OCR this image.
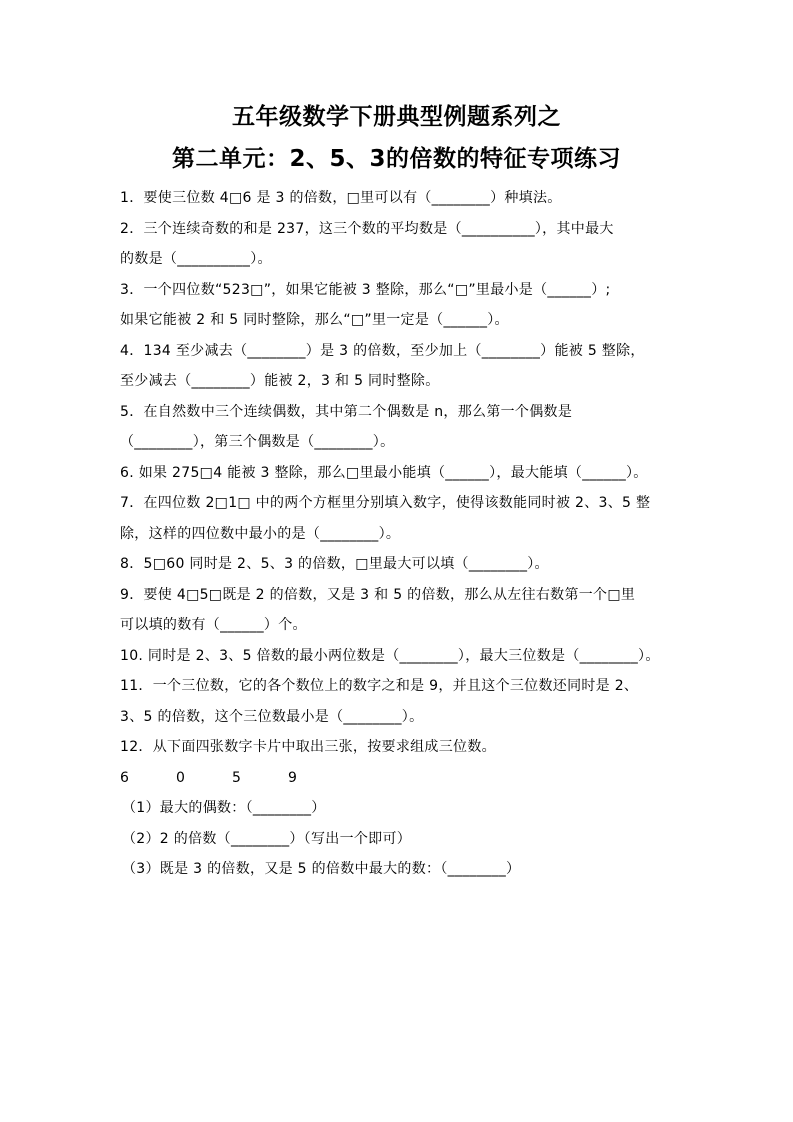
五年级数学下册典型例题系列之
第二单元：2、5、3的倍数的特征专项练习
1．要使三位数 4□6 是 3 的倍数，□里可以有（________）种填法。
2．三个连续奇数的和是 237，这三个数的平均数是（__________），其中最大
的数是（__________）。
3．一个四位数“523□”，如果它能被 3 整除，那么“□”里最小是（______）;
如果它能被 2 和 5 同时整除，那么“□”里一定是（______）。
4．134 至少减去（________）是 3 的倍数，至少加上（________）能被 5 整除，
至少减去（________）能被 2，3 和 5 同时整除。
5．在自然数中三个连续偶数，其中第二个偶数是 n，那么第一个偶数是
（________），第三个偶数是（________）。
6. 如果 275□4 能被 3 整除，那么□里最小能填（______），最大能填（______）。
7．在四位数 2□1□ 中的两个方框里分别填入数字，使得该数能同时被 2、3、5 整
除，这样的四位数中最小的是（________）。
8．5□60 同时是 2、5、3 的倍数，□里最大可以填（________）。
9．要使 4□5□既是 2 的倍数，又是 3 和 5 的倍数，那么从左往右数第一个□里
可以填的数有（______）个。
10. 同时是 2、3、5 倍数的最小两位数是（________），最大三位数是（________）。
11．一个三位数，它的各个数位上的数字之和是 9，并且这个三位数还同时是 2、
3、5 的倍数，这个三位数最小是（________）。
12．从下面四张数字卡片中取出三张，按要求组成三位数。
6	0	5	9
（1）最大的偶数：（________）
（2）2 的倍数（________）（写出一个即可）
（3）既是 3 的倍数，又是 5 的倍数中最大的数：（________）
